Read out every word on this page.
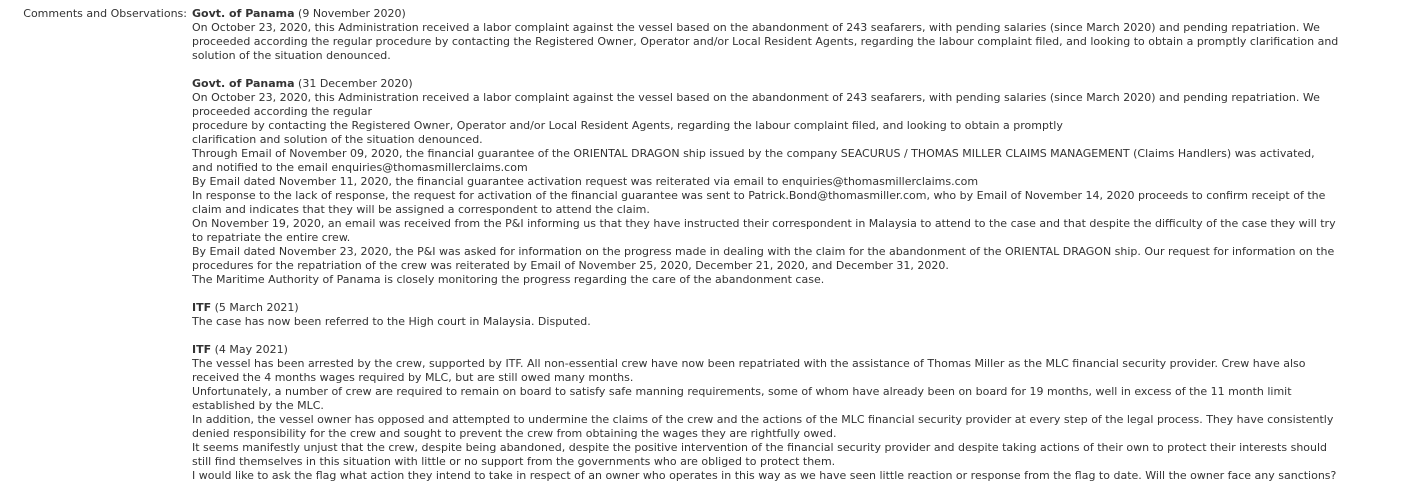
Comments and Observations: Govt. of Panama (9 November 2020)
On October 23, 2020, this Administration received a labor complaint against the vessel based on the abandonment of 243 seafarers, with pending salaries (since March 2020) and pending repatriation. We
proceeded according the regular procedure by contacting the Registered Owner, Operator and/or Local Resident Agents, regarding the labour complaint filed, and looking to obtain a promptly clarification and
solution of the situation denounced.
Govt. of Panama (31 December 2020)
On October 23, 2020, this Administration received a labor complaint against the vessel based on the abandonment of 243 seafarers, with pending salaries (since March 2020) and pending repatriation. We
proceeded according the regular
procedure by contacting the Registered Owner, Operator and/or Local Resident Agents, regarding the labour complaint filed, and looking to obtain a promptly
clarification and solution of the situation denounced.
Through Email of November 09, 2020, the financial guarantee of the ORIENTAL DRAGON ship issued by the company SEACURUS / THOMAS MILLER CLAIMS MANAGEMENT (Claims Handlers) was activated,
and notified to the email enquiries@thomasmillerclaims.com
By Email dated November 11, 2020, the financial guarantee activation request was reiterated via email to enquiries@thomasmillerclaims.com
In response to the lack of response, the request for activation of the financial guarantee was sent to Patrick.Bond@thomasmiller.com, who by Email of November 14, 2020 proceeds to confirm receipt of the
claim and indicates that they will be assigned a correspondent to attend the claim.
On November 19, 2020, an email was received from the P&I informing us that they have instructed their correspondent in Malaysia to attend to the case and that despite the difficulty of the case they will try
to repatriate the entire crew.
By Email dated November 23, 2020, the P&I was asked for information on the progress made in dealing with the claim for the abandonment of the ORIENTAL DRAGON ship. Our request for information on the
procedures for the repatriation of the crew was reiterated by Email of November 25, 2020, December 21, 2020, and December 31, 2020.
The Maritime Authority of Panama is closely monitoring the progress regarding the care of the abandonment case.
ITF (5 March 2021)
The case has now been referred to the High court in Malaysia. Disputed.
ITF (4 May 2021)
The vessel has been arrested by the crew, supported by ITF. All non-essential crew have now been repatriated with the assistance of Thomas Miller as the MLC financial security provider. Crew have also
received the 4 months wages required by MLC, but are still owed many months.
Unfortunately, a number of crew are required to remain on board to satisfy safe manning requirements, some of whom have already been on board for 19 months, well in excess of the 11 month limit
established by the MLC.
In addition, the vessel owner has opposed and attempted to undermine the claims of the crew and the actions of the MLC financial security provider at every step of the legal process. They have consistently
denied responsibility for the crew and sought to prevent the crew from obtaining the wages they are rightfully owed.
It seems manifestly unjust that the crew, despite being abandoned, despite the positive intervention of the financial security provider and despite taking actions of their own to protect their interests should
still find themselves in this situation with little or no support from the governments who are obliged to protect them.
I would like to ask the flag what action they intend to take in respect of an owner who operates in this way as we have seen little reaction or response from the flag to date. Will the owner face any sanctions?
